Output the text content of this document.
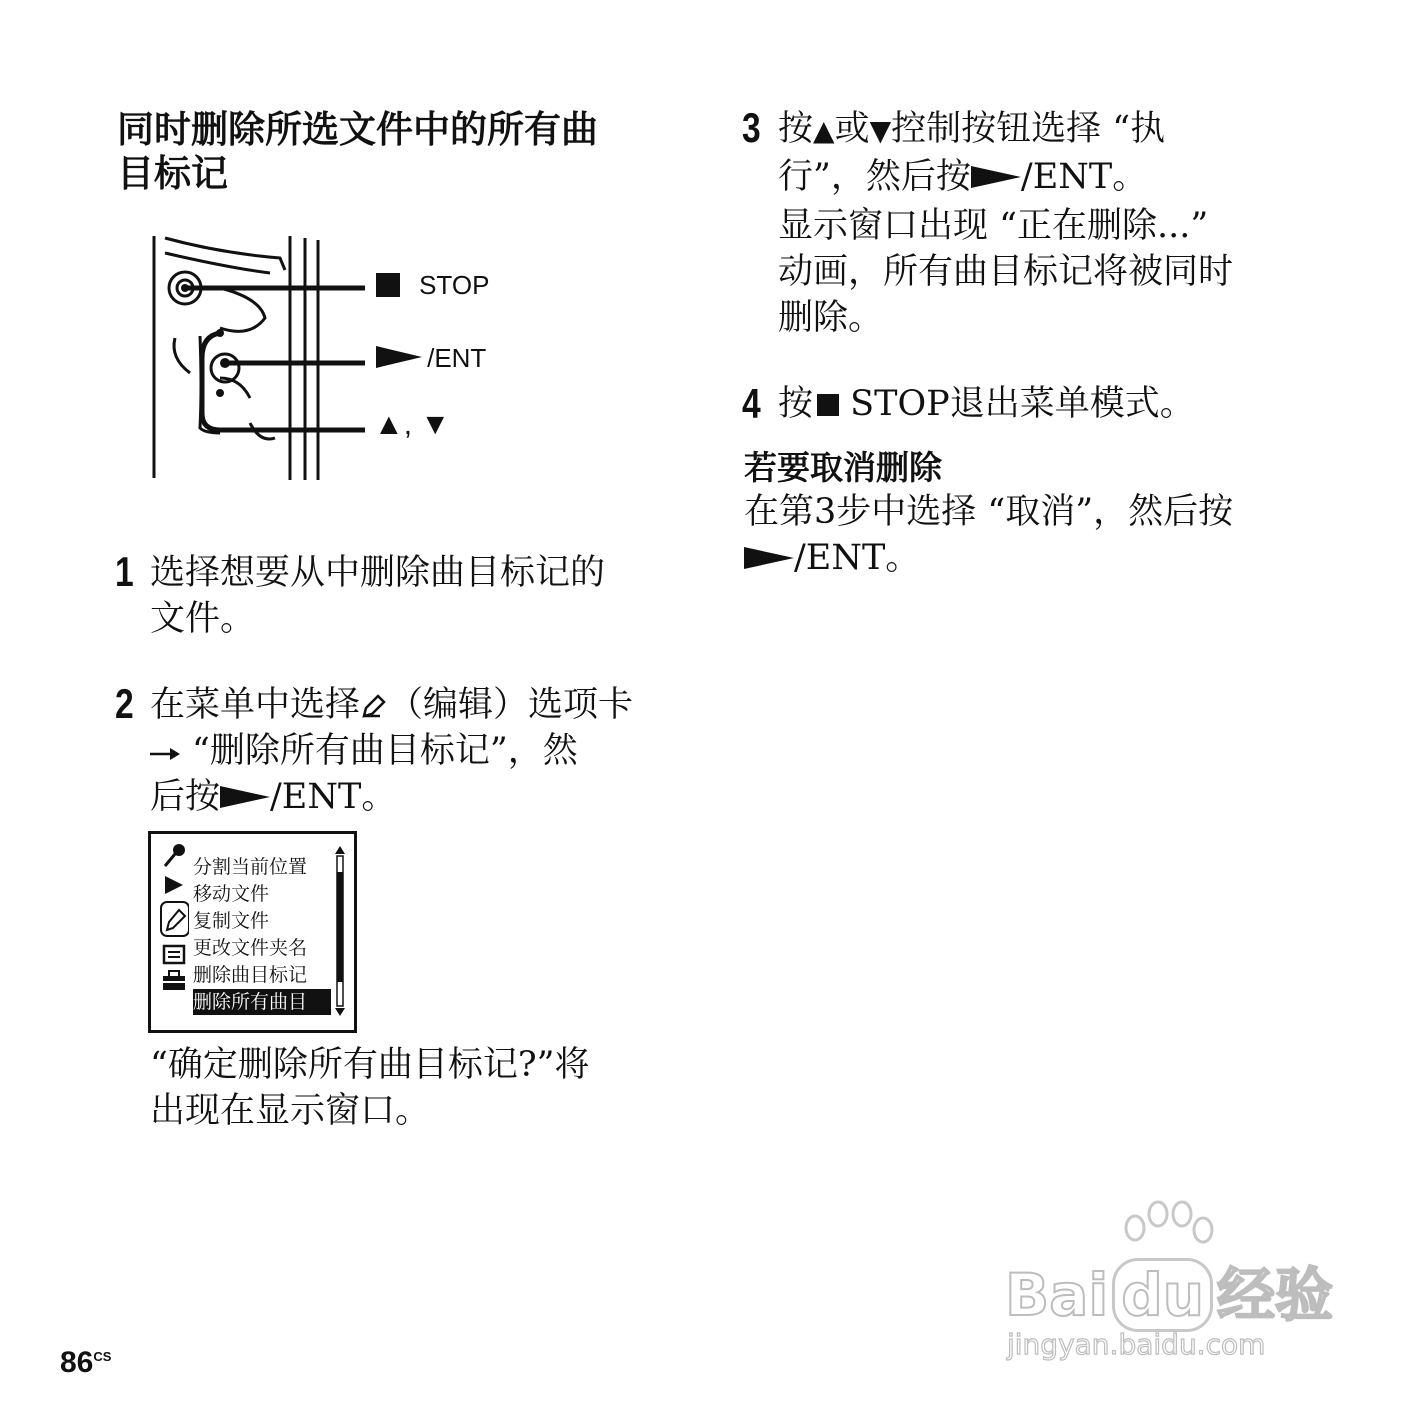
同时删除所选文件中的所有曲
目标记
STOP
/ENT
▲, ▼
1 选择想要从中删除曲目标记的
文件。
2 在菜单中选择 （编辑）选项卡
“删除所有曲目标记”，然
后按 /ENT。
分割当前位置
移动文件
复制文件
更改文件夹名
删除曲目标记
删除所有曲目
“确定删除所有曲目标记?”将
出现在显示窗口。
3 按▲或▼控制按钮选择 “执
行”，然后按 /ENT。
显示窗口出现 “正在删除...”
动画，所有曲目标记将被同时
删除。
4 按 STOP退出菜单模式。
若要取消删除
在第3步中选择 “取消”，然后按
/ENT。
$86^{CS}$
Bai du 经验
jingyan.baidu.com
